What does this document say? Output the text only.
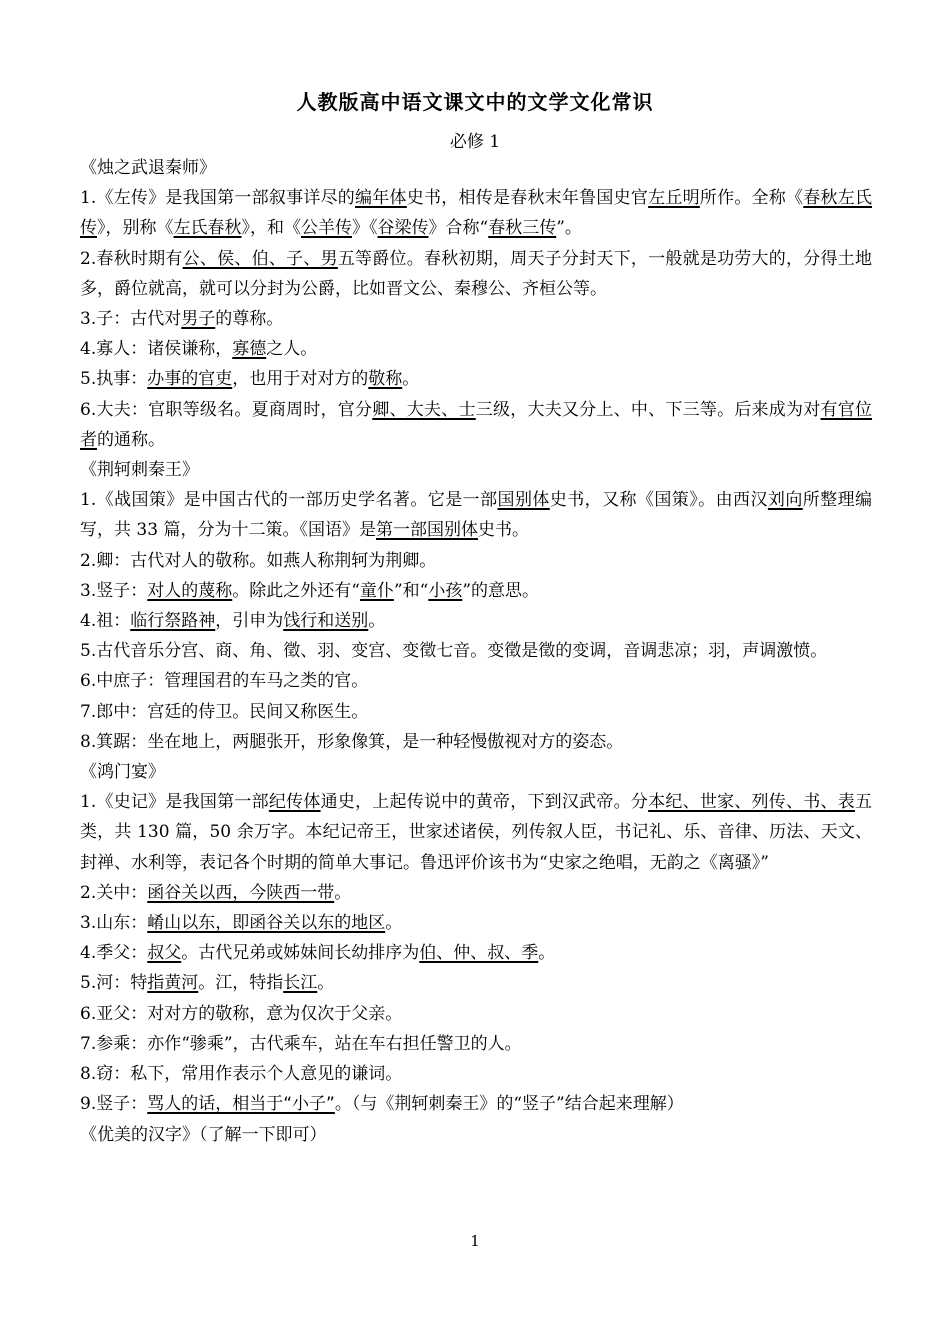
人教版高中语文课文中的文学文化常识
必修 1
《烛之武退秦师》
1.《左传》是我国第一部叙事详尽的编年体史书，相传是春秋末年鲁国史官左丘明所作。全称《春秋左氏传》，别称《左氏春秋》，和《公羊传》《谷梁传》合称“春秋三传”。
2.春秋时期有公、侯、伯、子、男五等爵位。春秋初期，周天子分封天下，一般就是功劳大的，分得土地多，爵位就高，就可以分封为公爵，比如晋文公、秦穆公、齐桓公等。
3.子：古代对男子的尊称。
4.寡人：诸侯谦称，寡德之人。
5.执事：办事的官吏，也用于对对方的敬称。
6.大夫：官职等级名。夏商周时，官分卿、大夫、士三级，大夫又分上、中、下三等。后来成为对有官位者的通称。
《荆轲刺秦王》
1.《战国策》是中国古代的一部历史学名著。它是一部国别体史书，又称《国策》。由西汉刘向所整理编写，共 33 篇，分为十二策。《国语》是第一部国别体史书。
2.卿：古代对人的敬称。如燕人称荆轲为荆卿。
3.竖子：对人的蔑称。除此之外还有“童仆”和“小孩”的意思。
4.祖：临行祭路神，引申为饯行和送别。
5.古代音乐分宫、商、角、徵、羽、变宫、变徵七音。变徵是徵的变调，音调悲凉；羽，声调激愤。
6.中庶子：管理国君的车马之类的官。
7.郎中：宫廷的侍卫。民间又称医生。
8.箕踞：坐在地上，两腿张开，形象像箕，是一种轻慢傲视对方的姿态。
《鸿门宴》
1.《史记》是我国第一部纪传体通史，上起传说中的黄帝，下到汉武帝。分本纪、世家、列传、书、表五类，共 130 篇，50 余万字。本纪记帝王，世家述诸侯，列传叙人臣，书记礼、乐、音律、历法、天文、封禅、水利等，表记各个时期的简单大事记。鲁迅评价该书为“史家之绝唱，无韵之《离骚》”
2.关中：函谷关以西，今陕西一带。
3.山东：崤山以东，即函谷关以东的地区。
4.季父：叔父。古代兄弟或姊妹间长幼排序为伯、仲、叔、季。
5.河：特指黄河。江，特指长江。
6.亚父：对对方的敬称，意为仅次于父亲。
7.参乘：亦作“骖乘”，古代乘车，站在车右担任警卫的人。
8.窃：私下，常用作表示个人意见的谦词。
9.竖子：骂人的话，相当于“小子”。（与《荆轲刺秦王》的“竖子”结合起来理解）
《优美的汉字》（了解一下即可）
1
